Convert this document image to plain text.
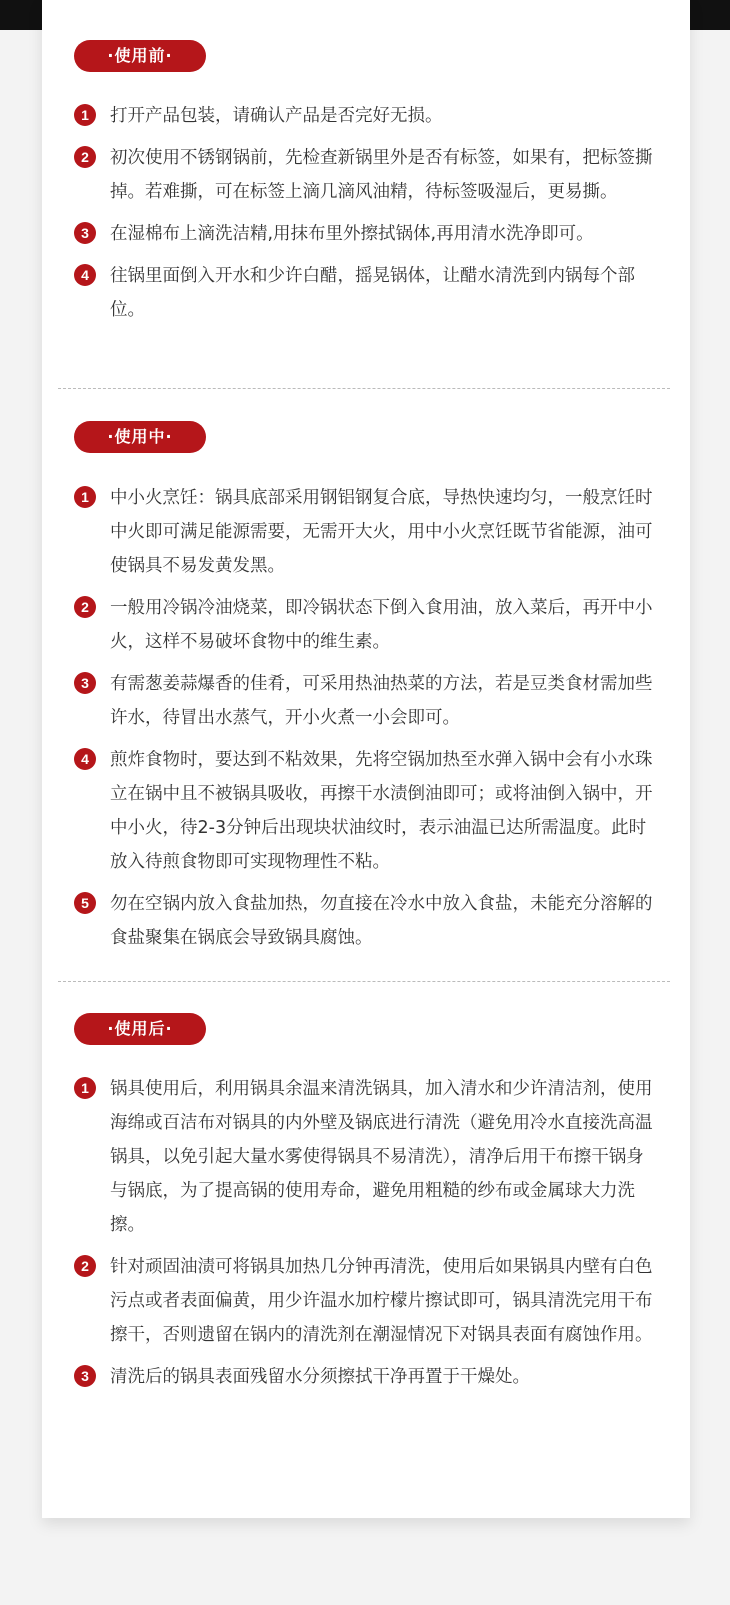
·使用前·
1	打开产品包装，请确认产品是否完好无损。
2	初次使用不锈钢锅前，先检查新锅里外是否有标签，如果有，把标签撕掉。若难撕，可在标签上滴几滴风油精，待标签吸湿后，更易撕。
3	在湿棉布上滴洗洁精,用抹布里外擦拭锅体,再用清水洗净即可。
4	往锅里面倒入开水和少许白醋，摇晃锅体，让醋水清洗到内锅每个部位。
·使用中·
1	中小火烹饪：锅具底部采用钢铝钢复合底，导热快速均匀，一般烹饪时中火即可满足能源需要，无需开大火，用中小火烹饪既节省能源，油可使锅具不易发黄发黑。
2	一般用冷锅冷油烧菜，即冷锅状态下倒入食用油，放入菜后，再开中小火，这样不易破坏食物中的维生素。
3	有需葱姜蒜爆香的佳肴，可采用热油热菜的方法，若是豆类食材需加些许水，待冒出水蒸气，开小火煮一小会即可。
4	煎炸食物时，要达到不粘效果，先将空锅加热至水弹入锅中会有小水珠立在锅中且不被锅具吸收，再擦干水渍倒油即可；或将油倒入锅中，开中小火，待2-3分钟后出现块状油纹时，表示油温已达所需温度。此时放入待煎食物即可实现物理性不粘。
5	勿在空锅内放入食盐加热，勿直接在冷水中放入食盐，未能充分溶解的食盐聚集在锅底会导致锅具腐蚀。
·使用后·
1	锅具使用后，利用锅具余温来清洗锅具，加入清水和少许清洁剂，使用海绵或百洁布对锅具的内外壁及锅底进行清洗（避免用冷水直接洗高温锅具，以免引起大量水雾使得锅具不易清洗），清净后用干布擦干锅身与锅底，为了提高锅的使用寿命，避免用粗糙的纱布或金属球大力洗擦。
2	针对顽固油渍可将锅具加热几分钟再清洗，使用后如果锅具内壁有白色污点或者表面偏黄，用少许温水加柠檬片擦试即可，锅具清洗完用干布擦干，否则遗留在锅内的清洗剂在潮湿情况下对锅具表面有腐蚀作用。
3	清洗后的锅具表面残留水分须擦拭干净再置于干燥处。
